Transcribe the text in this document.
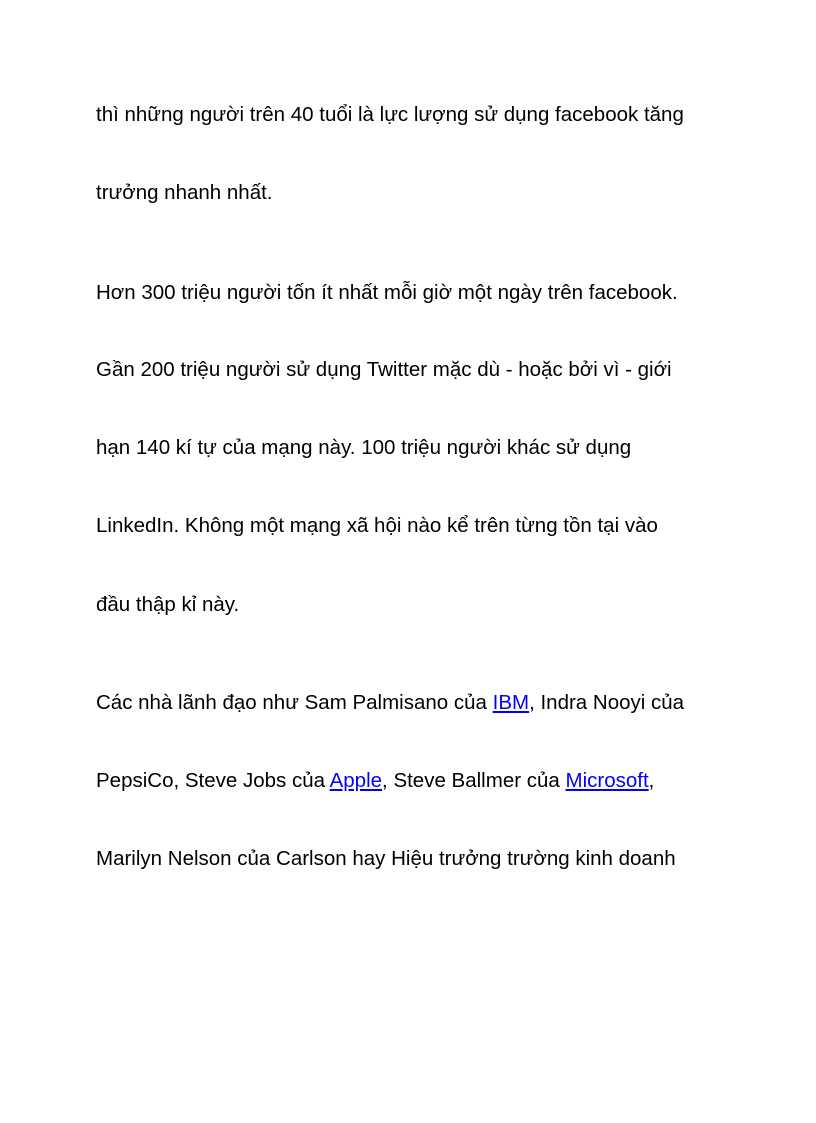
thì những người trên 40 tuổi là lực lượng sử dụng facebook tăng
trưởng nhanh nhất.
Hơn 300 triệu người tốn ít nhất mỗi giờ một ngày trên facebook.
Gần 200 triệu người sử dụng Twitter mặc dù - hoặc bởi vì - giới
hạn 140 kí tự của mạng này. 100 triệu người khác sử dụng
LinkedIn. Không một mạng xã hội nào kể trên từng tồn tại vào
đầu thập kỉ này.
Các nhà lãnh đạo như Sam Palmisano của IBM, Indra Nooyi của
PepsiCo, Steve Jobs của Apple, Steve Ballmer của Microsoft,
Marilyn Nelson của Carlson hay Hiệu trưởng trường kinh doanh
